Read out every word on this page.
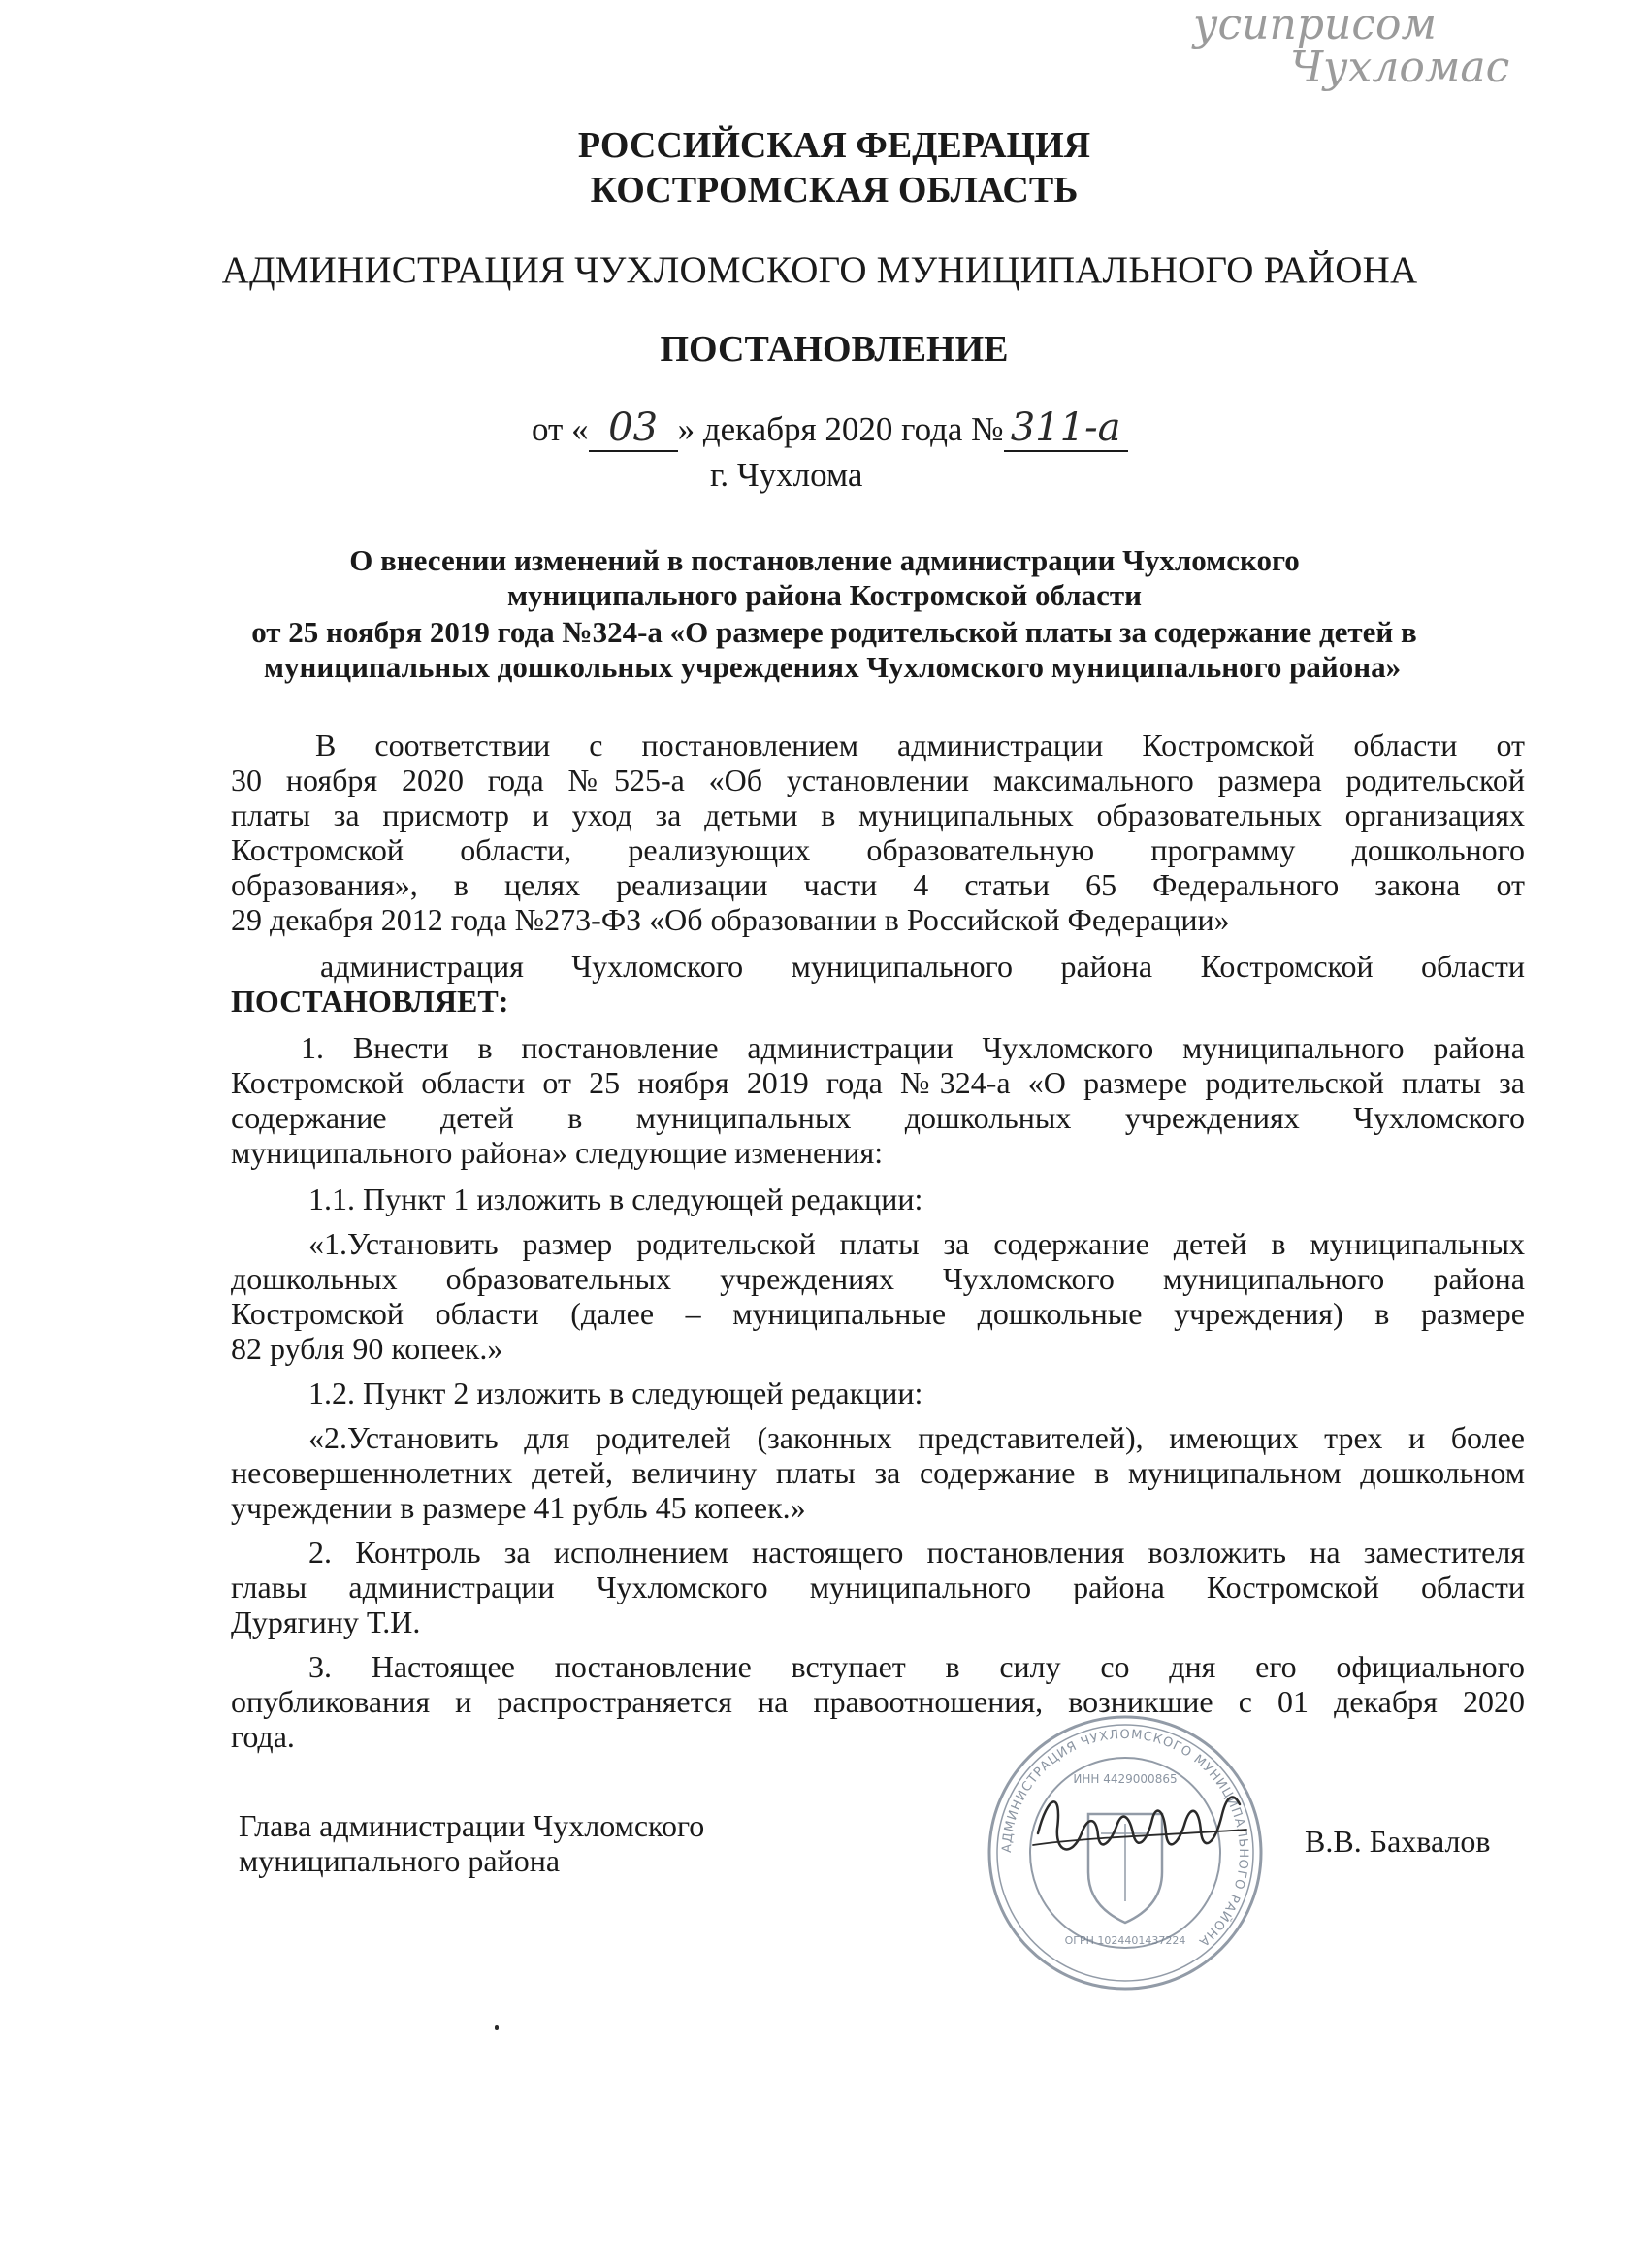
усиприсом
Чухломас
РОССИЙСКАЯ ФЕДЕРАЦИЯ
КОСТРОМСКАЯ ОБЛАСТЬ
АДМИНИСТРАЦИЯ ЧУХЛОМСКОГО МУНИЦИПАЛЬНОГО РАЙОНА
ПОСТАНОВЛЕНИЕ
от « 03 » декабря 2020 года № 311-а
г. Чухлома
О внесении изменений в постановление администрации Чухломского
муниципального района Костромской области
от 25 ноября 2019 года №324-а «О размере родительской платы за содержание детей в
муниципальных дошкольных учреждениях Чухломского муниципального района»
В соответствии с постановлением администрации Костромской области от
30 ноября 2020 года №525-а «Об установлении максимального размера родительской
платы за присмотр и уход за детьми в муниципальных образовательных организациях
Костромской области, реализующих образовательную программу дошкольного
образования», в целях реализации части 4 статьи 65 Федерального закона от
29 декабря 2012 года №273-ФЗ «Об образовании в Российской Федерации»
администрация Чухломского муниципального района Костромской области
ПОСТАНОВЛЯЕТ:
1. Внести в постановление администрации Чухломского муниципального района
Костромской области от 25 ноября 2019 года №324-а «О размере родительской платы за
содержание детей в муниципальных дошкольных учреждениях Чухломского
муниципального района» следующие изменения:
1.1. Пункт 1 изложить в следующей редакции:
«1.Установить размер родительской платы за содержание детей в муниципальных
дошкольных образовательных учреждениях Чухломского муниципального района
Костромской области (далее – муниципальные дошкольные учреждения) в размере
82 рубля 90 копеек.»
1.2. Пункт 2 изложить в следующей редакции:
«2.Установить для родителей (законных представителей), имеющих трех и более
несовершеннолетних детей, величину платы за содержание в муниципальном дошкольном
учреждении в размере 41 рубль 45 копеек.»
2. Контроль за исполнением настоящего постановления возложить на заместителя
главы администрации Чухломского муниципального района Костромской области
Дурягину Т.И.
3. Настоящее постановление вступает в силу со дня его официального
опубликования и распространяется на правоотношения, возникшие с 01 декабря 2020
года.
АДМИНИСТРАЦИЯ ЧУХЛОМСКОГО МУНИЦИПАЛЬНОГО РАЙОНА
ИНН 4429000865
ОГРН 1024401437224
Глава администрации Чухломского
муниципального района
В.В. Бахвалов
